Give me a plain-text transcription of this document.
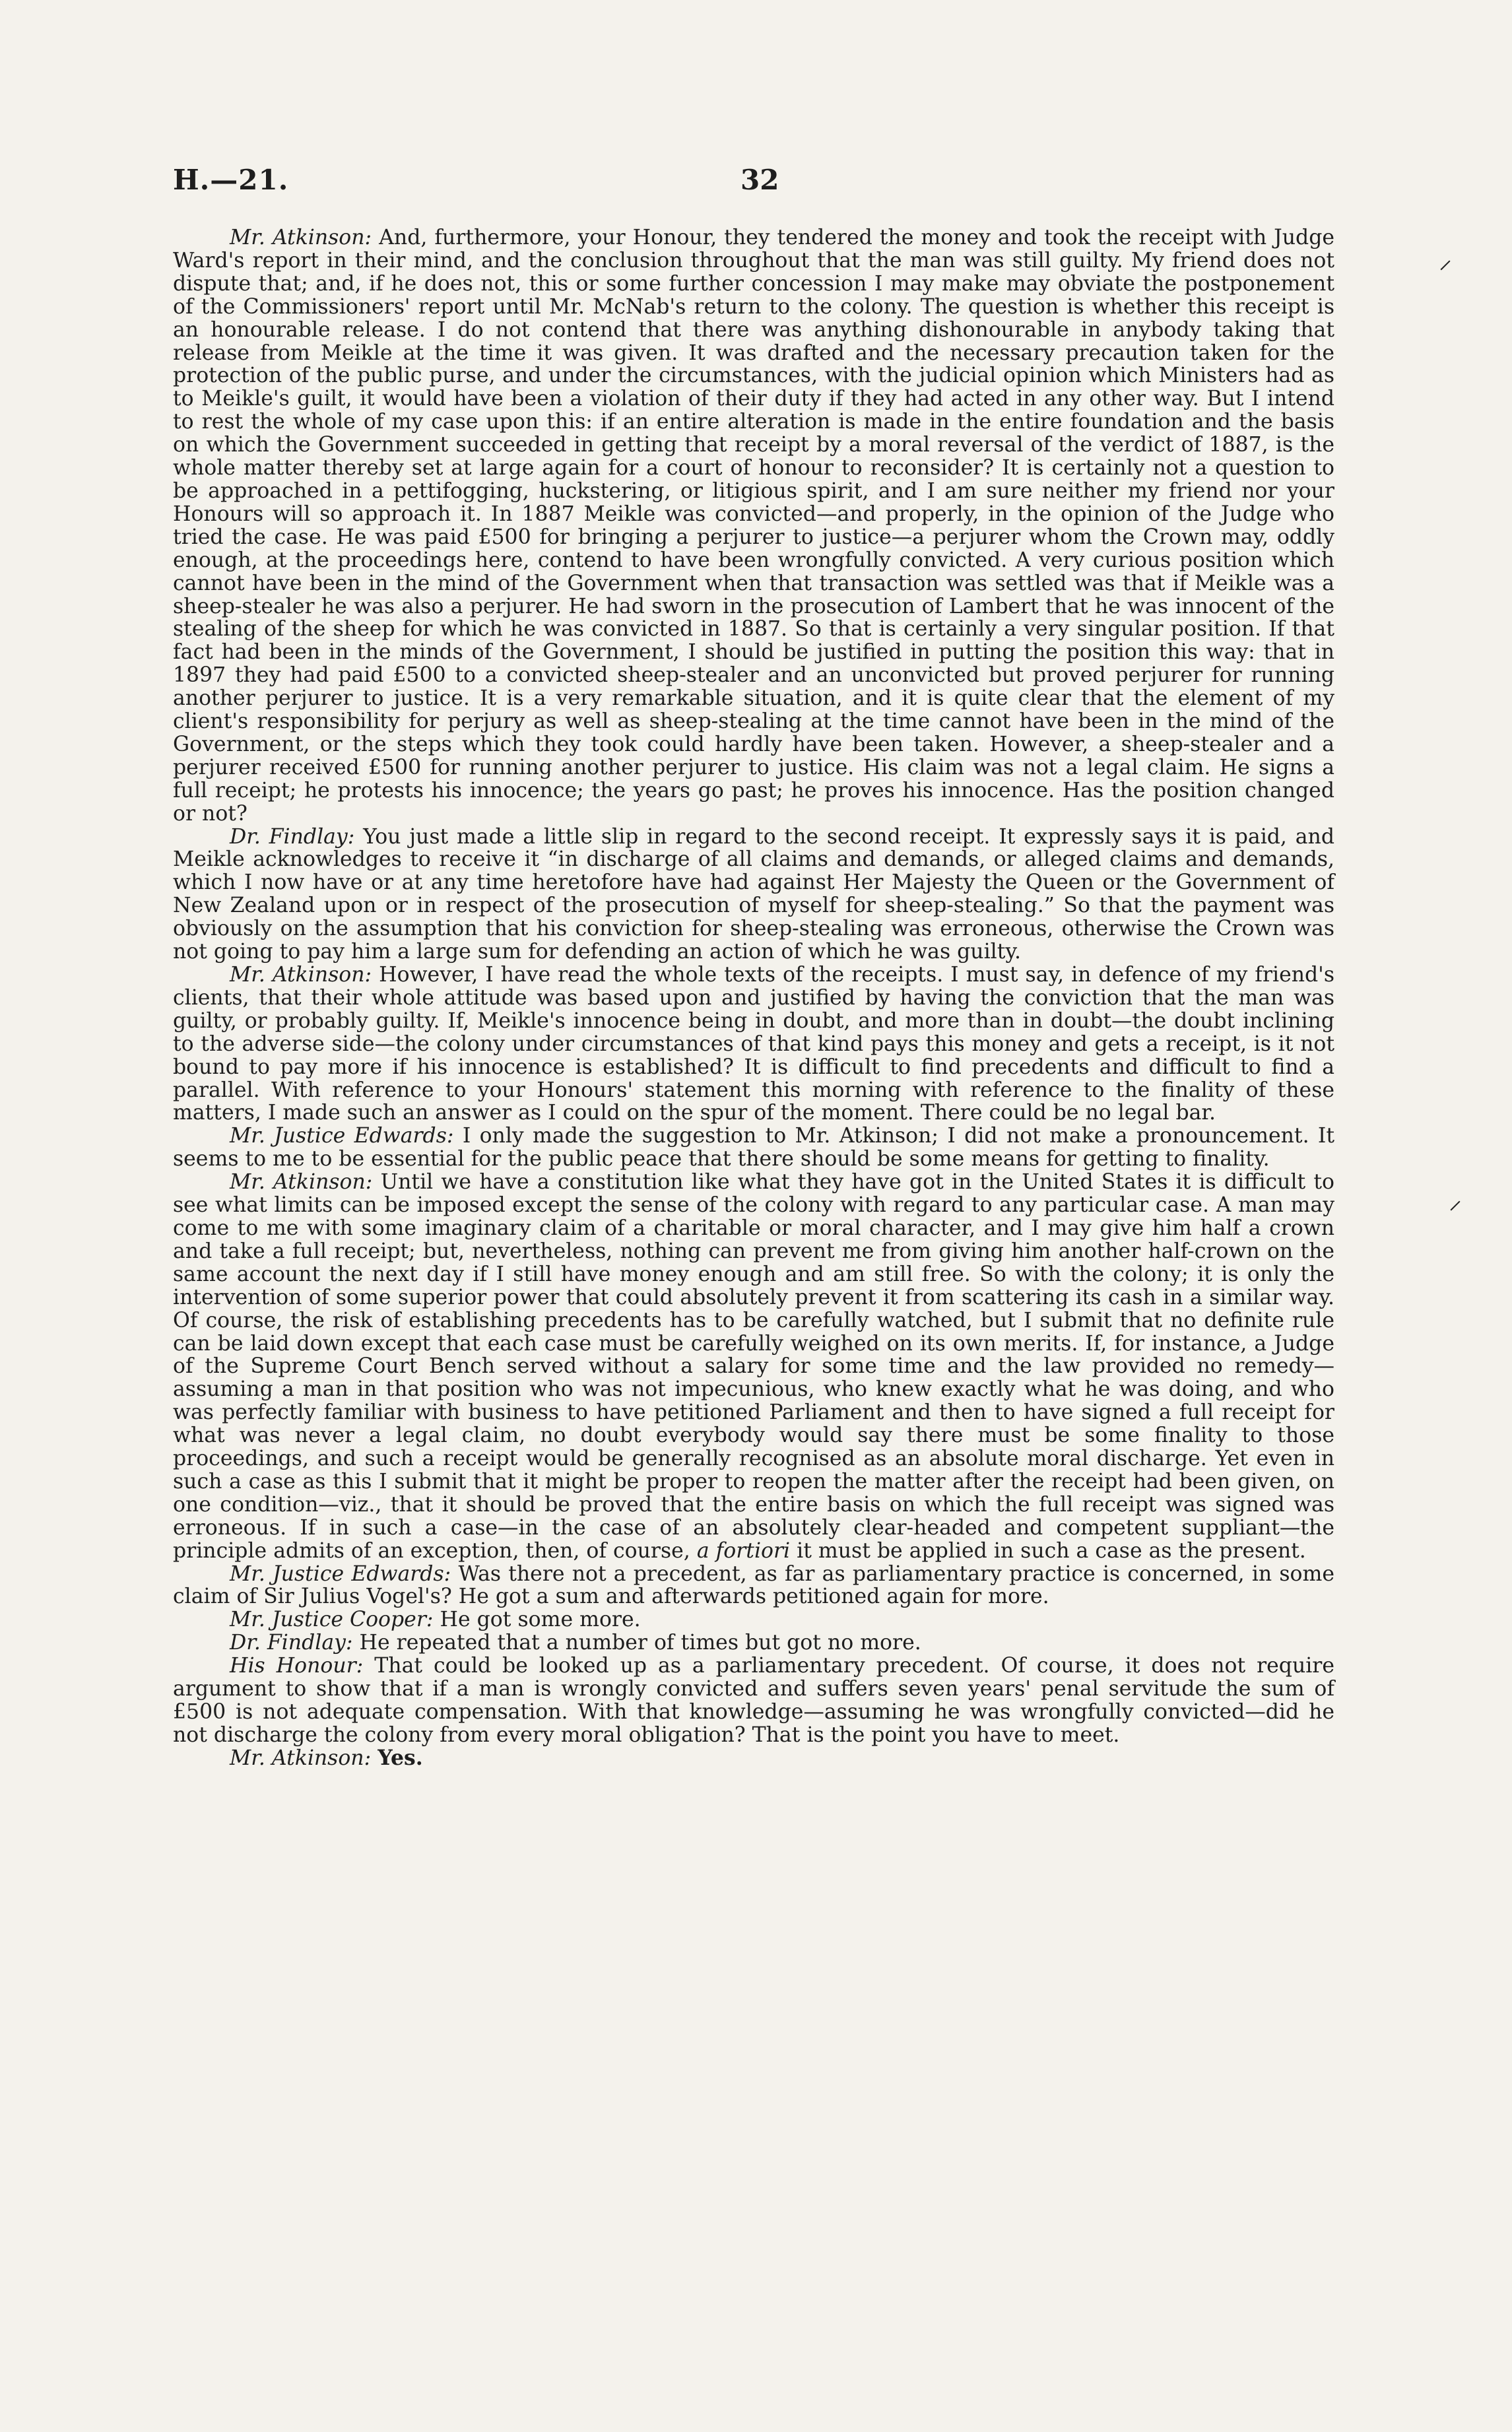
H.—21.	32

Mr. Atkinson: And, furthermore, your Honour, they tendered the money and took the receipt with Judge Ward's report in their mind, and the conclusion throughout that the man was still guilty. My friend does not dispute that; and, if he does not, this or some further concession I may make may obviate the postponement of the Commissioners' report until Mr. McNab's return to the colony. The question is whether this receipt is an honourable release. I do not contend that there was anything dishonourable in anybody taking that release from Meikle at the time it was given. It was drafted and the necessary precaution taken for the protection of the public purse, and under the circumstances, with the judicial opinion which Ministers had as to Meikle's guilt, it would have been a violation of their duty if they had acted in any other way. But I intend to rest the whole of my case upon this: if an entire alteration is made in the entire foundation and the basis on which the Government succeeded in getting that receipt by a moral reversal of the verdict of 1887, is the whole matter thereby set at large again for a court of honour to reconsider? It is certainly not a question to be approached in a pettifogging, huckstering, or litigious spirit, and I am sure neither my friend nor your Honours will so approach it. In 1887 Meikle was convicted—and properly, in the opinion of the Judge who tried the case. He was paid £500 for bringing a perjurer to justice—a perjurer whom the Crown may, oddly enough, at the proceedings here, contend to have been wrongfully convicted. A very curious position which cannot have been in the mind of the Government when that transaction was settled was that if Meikle was a sheep-stealer he was also a perjurer. He had sworn in the prosecution of Lambert that he was innocent of the stealing of the sheep for which he was convicted in 1887. So that is certainly a very singular position. If that fact had been in the minds of the Government, I should be justified in putting the position this way: that in 1897 they had paid £500 to a convicted sheep-stealer and an unconvicted but proved perjurer for running another perjurer to justice. It is a very remarkable situation, and it is quite clear that the element of my client's responsibility for perjury as well as sheep-stealing at the time cannot have been in the mind of the Government, or the steps which they took could hardly have been taken. However, a sheep-stealer and a perjurer received £500 for running another perjurer to justice. His claim was not a legal claim. He signs a full receipt; he protests his innocence; the years go past; he proves his innocence. Has the position changed or not?

Dr. Findlay: You just made a little slip in regard to the second receipt. It expressly says it is paid, and Meikle acknowledges to receive it “in discharge of all claims and demands, or alleged claims and demands, which I now have or at any time heretofore have had against Her Majesty the Queen or the Government of New Zealand upon or in respect of the prosecution of myself for sheep-stealing.” So that the payment was obviously on the assumption that his conviction for sheep-stealing was erroneous, otherwise the Crown was not going to pay him a large sum for defending an action of which he was guilty.

Mr. Atkinson: However, I have read the whole texts of the receipts. I must say, in defence of my friend's clients, that their whole attitude was based upon and justified by having the conviction that the man was guilty, or probably guilty. If, Meikle's innocence being in doubt, and more than in doubt—the doubt inclining to the adverse side—the colony under circumstances of that kind pays this money and gets a receipt, is it not bound to pay more if his innocence is established? It is difficult to find precedents and difficult to find a parallel. With reference to your Honours' statement this morning with reference to the finality of these matters, I made such an answer as I could on the spur of the moment. There could be no legal bar.

Mr. Justice Edwards: I only made the suggestion to Mr. Atkinson; I did not make a pronouncement. It seems to me to be essential for the public peace that there should be some means for getting to finality.

Mr. Atkinson: Until we have a constitution like what they have got in the United States it is difficult to see what limits can be imposed except the sense of the colony with regard to any particular case. A man may come to me with some imaginary claim of a charitable or moral character, and I may give him half a crown and take a full receipt; but, nevertheless, nothing can prevent me from giving him another half-crown on the same account the next day if I still have money enough and am still free. So with the colony; it is only the intervention of some superior power that could absolutely prevent it from scattering its cash in a similar way. Of course, the risk of establishing precedents has to be carefully watched, but I submit that no definite rule can be laid down except that each case must be carefully weighed on its own merits. If, for instance, a Judge of the Supreme Court Bench served without a salary for some time and the law provided no remedy—assuming a man in that position who was not impecunious, who knew exactly what he was doing, and who was perfectly familiar with business to have petitioned Parliament and then to have signed a full receipt for what was never a legal claim, no doubt everybody would say there must be some finality to those proceedings, and such a receipt would be generally recognised as an absolute moral discharge. Yet even in such a case as this I submit that it might be proper to reopen the matter after the receipt had been given, on one condition—viz., that it should be proved that the entire basis on which the full receipt was signed was erroneous. If in such a case—in the case of an absolutely clear-headed and competent suppliant—the principle admits of an exception, then, of course, a fortiori it must be applied in such a case as the present.

Mr. Justice Edwards: Was there not a precedent, as far as parliamentary practice is concerned, in some claim of Sir Julius Vogel's? He got a sum and afterwards petitioned again for more.

Mr. Justice Cooper: He got some more.

Dr. Findlay: He repeated that a number of times but got no more.

His Honour: That could be looked up as a parliamentary precedent. Of course, it does not require argument to show that if a man is wrongly convicted and suffers seven years' penal servitude the sum of £500 is not adequate compensation. With that knowledge—assuming he was wrongfully convicted—did he not discharge the colony from every moral obligation? That is the point you have to meet.

Mr. Atkinson: Yes.

⸍
⸍
